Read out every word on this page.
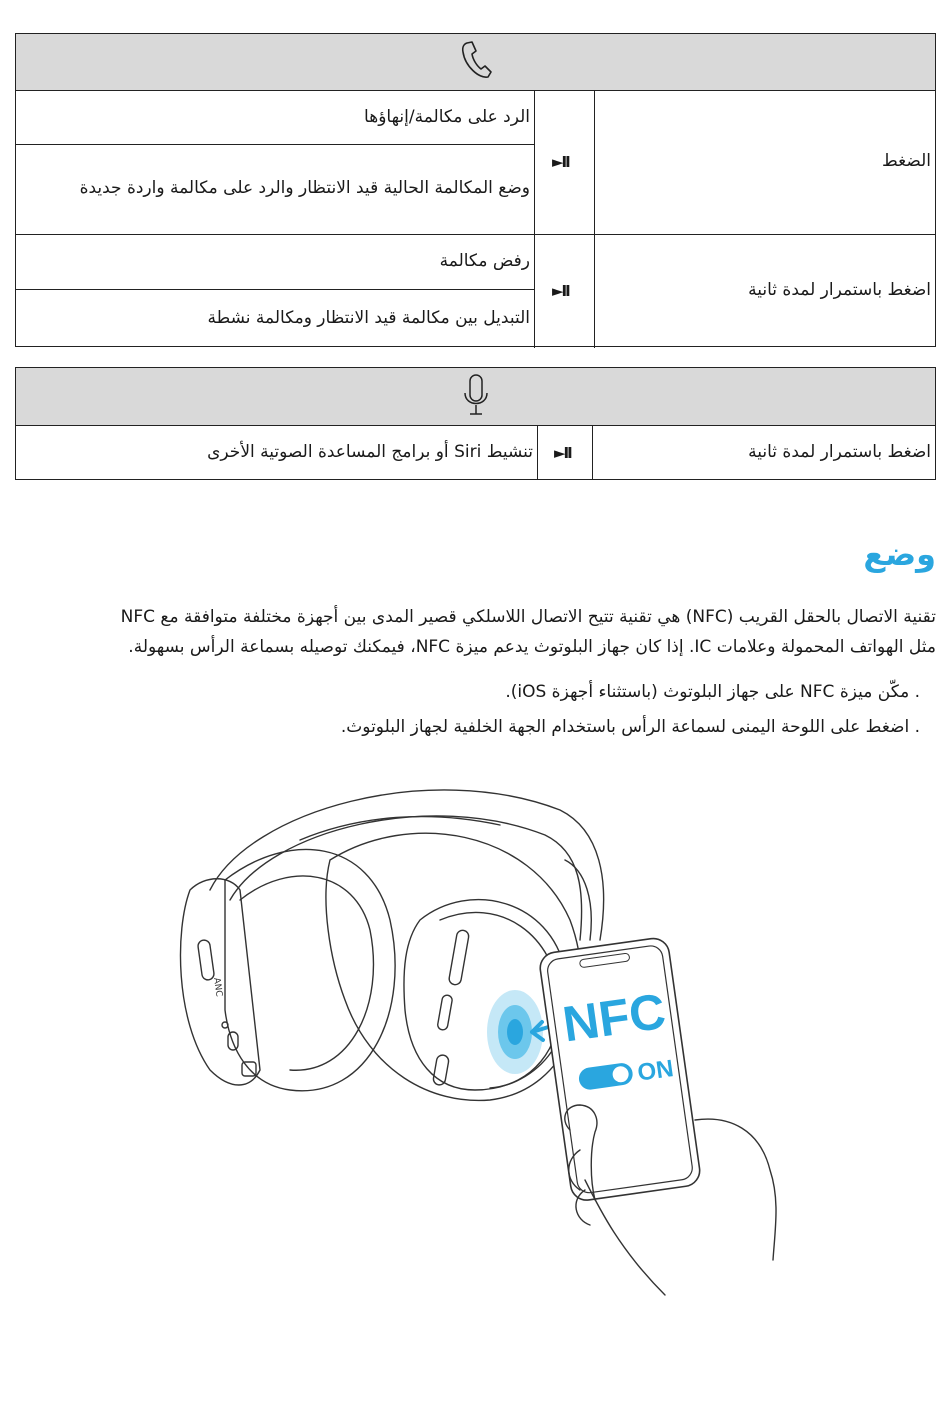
الضغط
►II
الرد على مكالمة/إنهاؤها
وضع المكالمة الحالية قيد الانتظار والرد على مكالمة واردة جديدة
اضغط باستمرار لمدة ثانية
►II
رفض مكالمة
التبديل بين مكالمة قيد الانتظار ومكالمة نشطة
اضغط باستمرار لمدة ثانية
►II
تنشيط Siri أو برامج المساعدة الصوتية الأخرى
وضع
تقنية الاتصال بالحقل القريب (NFC) هي تقنية تتيح الاتصال اللاسلكي قصير المدى بين أجهزة مختلفة متوافقة مع NFC
مثل الهواتف المحمولة وعلامات IC. إذا كان جهاز البلوتوث يدعم ميزة NFC، فيمكنك توصيله بسماعة الرأس بسهولة.
. مكّن ميزة NFC على جهاز البلوتوث (باستثناء أجهزة iOS).
. اضغط على اللوحة اليمنى لسماعة الرأس باستخدام الجهة الخلفية لجهاز البلوتوث.
ANC	NFC
ON
